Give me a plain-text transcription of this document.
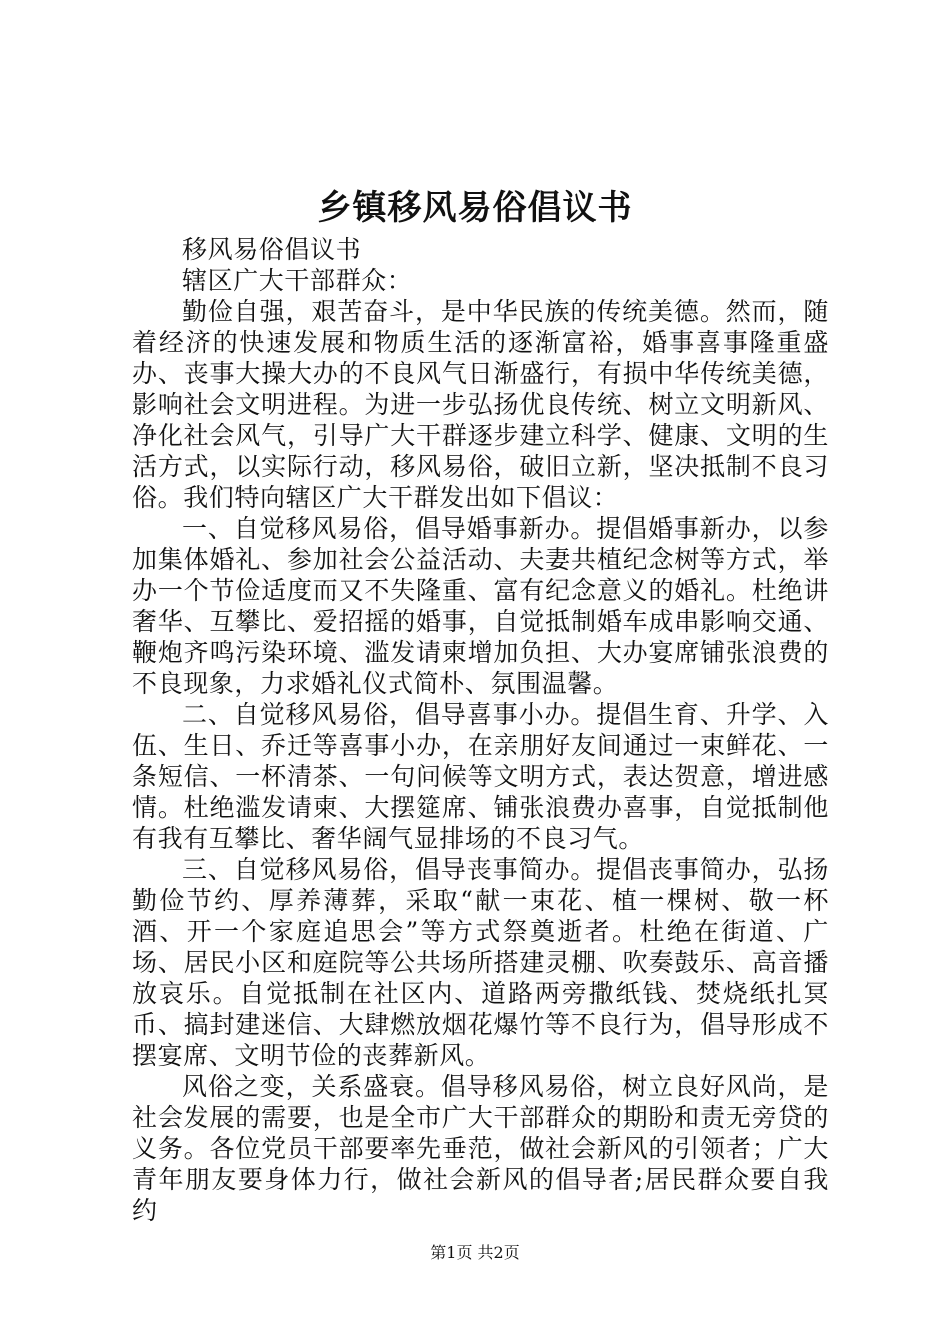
乡镇移风易俗倡议书

移风易俗倡议书

辖区广大干部群众：

勤俭自强，艰苦奋斗，是中华民族的传统美德。然而，随着经济的快速发展和物质生活的逐渐富裕，婚事喜事隆重盛办、丧事大操大办的不良风气日渐盛行，有损中华传统美德，影响社会文明进程。为进一步弘扬优良传统、树立文明新风、净化社会风气，引导广大干群逐步建立科学、健康、文明的生活方式，以实际行动，移风易俗，破旧立新，坚决抵制不良习俗。我们特向辖区广大干群发出如下倡议：

一、自觉移风易俗，倡导婚事新办。提倡婚事新办，以参加集体婚礼、参加社会公益活动、夫妻共植纪念树等方式，举办一个节俭适度而又不失隆重、富有纪念意义的婚礼。杜绝讲奢华、互攀比、爱招摇的婚事，自觉抵制婚车成串影响交通、鞭炮齐鸣污染环境、滥发请柬增加负担、大办宴席铺张浪费的不良现象，力求婚礼仪式简朴、氛围温馨。

二、自觉移风易俗，倡导喜事小办。提倡生育、升学、入伍、生日、乔迁等喜事小办，在亲朋好友间通过一束鲜花、一条短信、一杯清茶、一句问候等文明方式，表达贺意，增进感情。杜绝滥发请柬、大摆筵席、铺张浪费办喜事，自觉抵制他有我有互攀比、奢华阔气显排场的不良习气。

三、自觉移风易俗，倡导丧事简办。提倡丧事简办，弘扬勤俭节约、厚养薄葬，采取“献一束花、植一棵树、敬一杯酒、开一个家庭追思会”等方式祭奠逝者。杜绝在街道、广场、居民小区和庭院等公共场所搭建灵棚、吹奏鼓乐、高音播放哀乐。自觉抵制在社区内、道路两旁撒纸钱、焚烧纸扎冥币、搞封建迷信、大肆燃放烟花爆竹等不良行为，倡导形成不摆宴席、文明节俭的丧葬新风。

风俗之变，关系盛衰。倡导移风易俗，树立良好风尚，是社会发展的需要，也是全市广大干部群众的期盼和责无旁贷的义务。各位党员干部要率先垂范，做社会新风的引领者；广大青年朋友要身体力行，做社会新风的倡导者;居民群众要自我约

第1页 共2页
